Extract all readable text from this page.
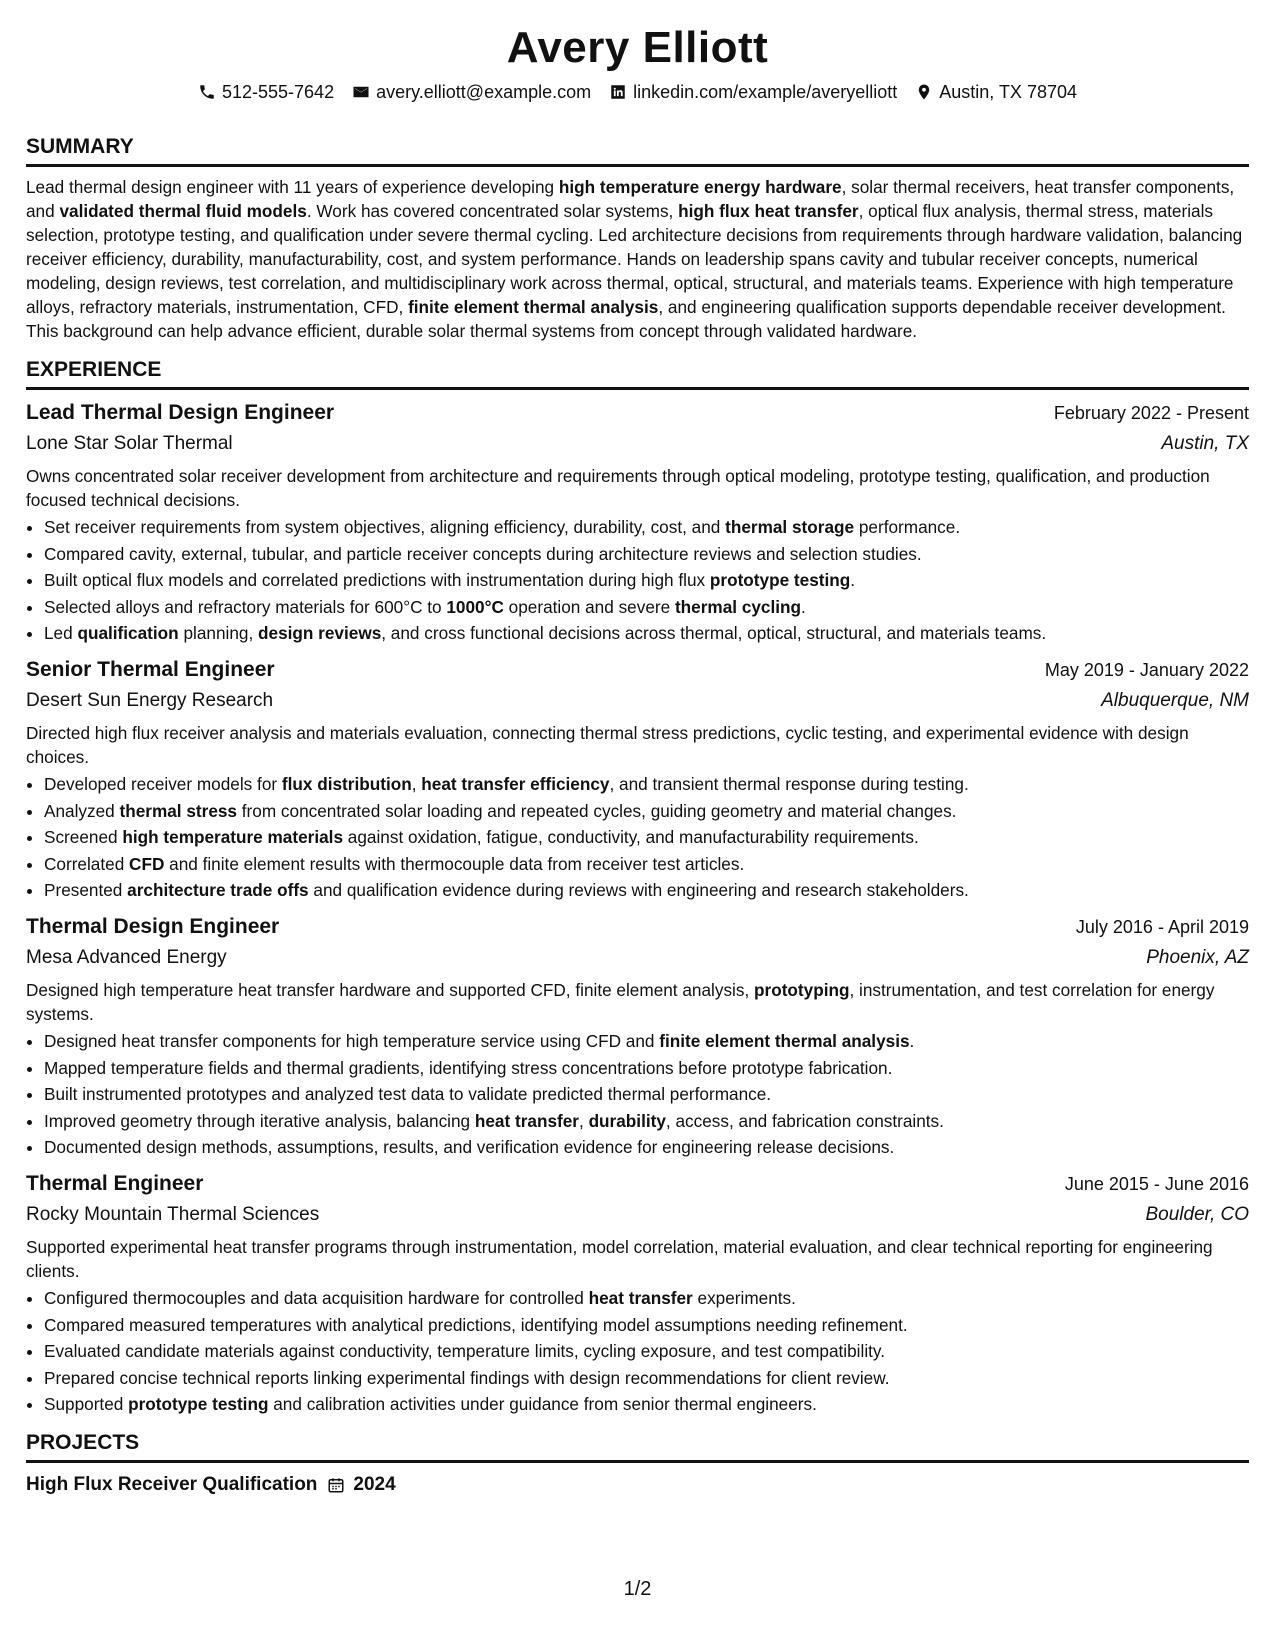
Avery Elliott
512-555-7642 avery.elliott@example.com linkedin.com/example/averyelliott Austin, TX 78704
SUMMARY

Lead thermal design engineer with 11 years of experience developing high temperature energy hardware, solar thermal receivers, heat transfer components, and validated thermal fluid models. Work has covered concentrated solar systems, high flux heat transfer, optical flux analysis, thermal stress, materials selection, prototype testing, and qualification under severe thermal cycling. Led architecture decisions from requirements through hardware validation, balancing receiver efficiency, durability, manufacturability, cost, and system performance. Hands on leadership spans cavity and tubular receiver concepts, numerical modeling, design reviews, test correlation, and multidisciplinary work across thermal, optical, structural, and materials teams. Experience with high temperature alloys, refractory materials, instrumentation, CFD, finite element thermal analysis, and engineering qualification supports dependable receiver development. This background can help advance efficient, durable solar thermal systems from concept through validated hardware.

EXPERIENCE
Lead Thermal Design Engineer	February 2022 - Present
Lone Star Solar Thermal	Austin, TX

Owns concentrated solar receiver development from architecture and requirements through optical modeling, prototype testing, qualification, and production focused technical decisions.

• Set receiver requirements from system objectives, aligning efficiency, durability, cost, and thermal storage performance.
• Compared cavity, external, tubular, and particle receiver concepts during architecture reviews and selection studies.
• Built optical flux models and correlated predictions with instrumentation during high flux prototype testing.
• Selected alloys and refractory materials for 600°C to 1000°C operation and severe thermal cycling.
• Led qualification planning, design reviews, and cross functional decisions across thermal, optical, structural, and materials teams.
Senior Thermal Engineer	May 2019 - January 2022
Desert Sun Energy Research	Albuquerque, NM

Directed high flux receiver analysis and materials evaluation, connecting thermal stress predictions, cyclic testing, and experimental evidence with design choices.

• Developed receiver models for flux distribution, heat transfer efficiency, and transient thermal response during testing.
• Analyzed thermal stress from concentrated solar loading and repeated cycles, guiding geometry and material changes.
• Screened high temperature materials against oxidation, fatigue, conductivity, and manufacturability requirements.
• Correlated CFD and finite element results with thermocouple data from receiver test articles.
• Presented architecture trade offs and qualification evidence during reviews with engineering and research stakeholders.
Thermal Design Engineer	July 2016 - April 2019
Mesa Advanced Energy	Phoenix, AZ

Designed high temperature heat transfer hardware and supported CFD, finite element analysis, prototyping, instrumentation, and test correlation for energy systems.

• Designed heat transfer components for high temperature service using CFD and finite element thermal analysis.
• Mapped temperature fields and thermal gradients, identifying stress concentrations before prototype fabrication.
• Built instrumented prototypes and analyzed test data to validate predicted thermal performance.
• Improved geometry through iterative analysis, balancing heat transfer, durability, access, and fabrication constraints.
• Documented design methods, assumptions, results, and verification evidence for engineering release decisions.
Thermal Engineer	June 2015 - June 2016
Rocky Mountain Thermal Sciences	Boulder, CO

Supported experimental heat transfer programs through instrumentation, model correlation, material evaluation, and clear technical reporting for engineering clients.

• Configured thermocouples and data acquisition hardware for controlled heat transfer experiments.
• Compared measured temperatures with analytical predictions, identifying model assumptions needing refinement.
• Evaluated candidate materials against conductivity, temperature limits, cycling exposure, and test compatibility.
• Prepared concise technical reports linking experimental findings with design recommendations for client review.
• Supported prototype testing and calibration activities under guidance from senior thermal engineers.
PROJECTS
High Flux Receiver Qualification 2024
1/2
